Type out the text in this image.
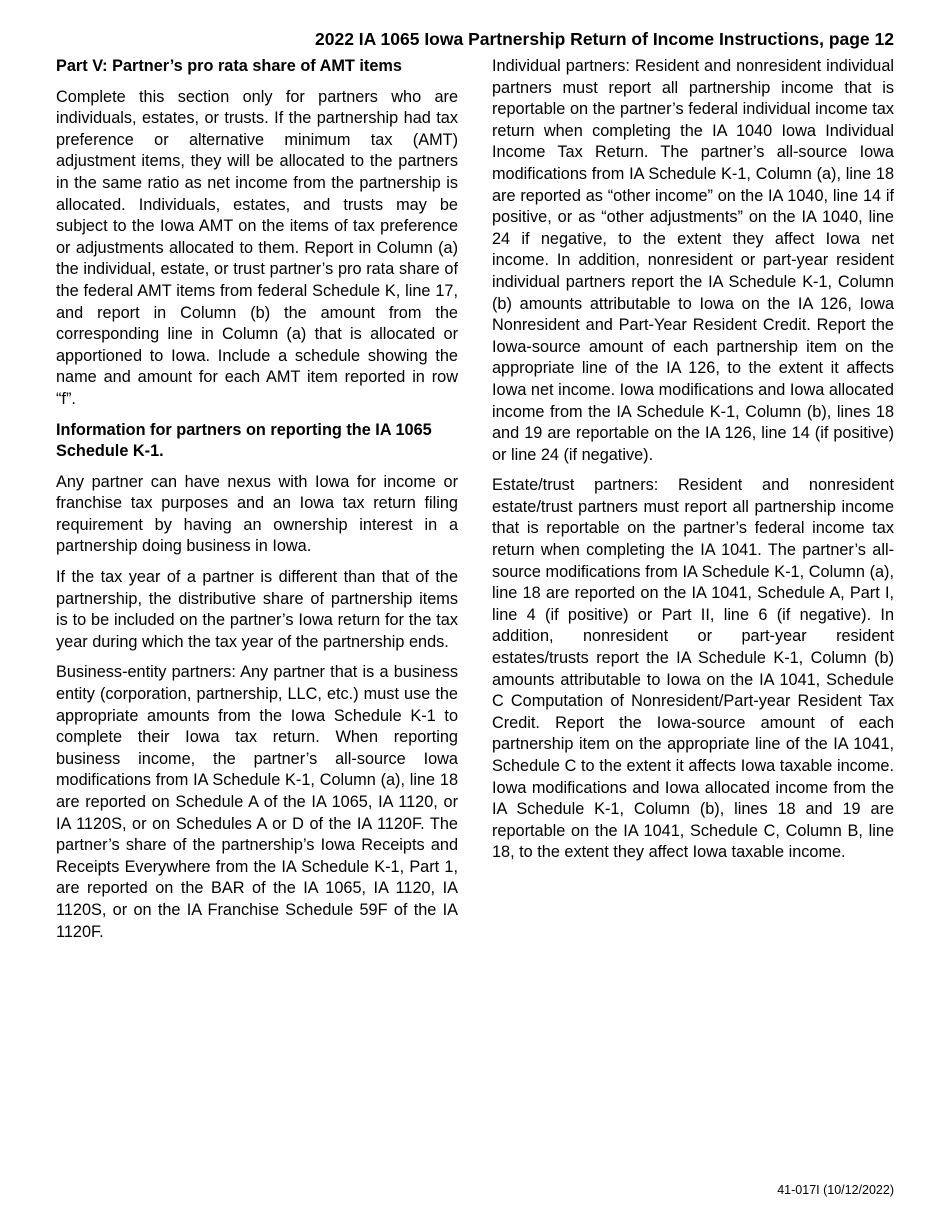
2022 IA 1065 Iowa Partnership Return of Income Instructions, page 12

Part V: Partner’s pro rata share of AMT items

Complete this section only for partners who are individuals, estates, or trusts. If the partnership had tax preference or alternative minimum tax (AMT) adjustment items, they will be allocated to the partners in the same ratio as net income from the partnership is allocated. Individuals, estates, and trusts may be subject to the Iowa AMT on the items of tax preference or adjustments allocated to them. Report in Column (a) the individual, estate, or trust partner’s pro rata share of the federal AMT items from federal Schedule K, line 17, and report in Column (b) the amount from the corresponding line in Column (a) that is allocated or apportioned to Iowa. Include a schedule showing the name and amount for each AMT item reported in row “f”.

Information for partners on reporting the IA 1065 Schedule K-1.

Any partner can have nexus with Iowa for income or franchise tax purposes and an Iowa tax return filing requirement by having an ownership interest in a partnership doing business in Iowa.

If the tax year of a partner is different than that of the partnership, the distributive share of partnership items is to be included on the partner’s Iowa return for the tax year during which the tax year of the partnership ends.

Business-entity partners: Any partner that is a business entity (corporation, partnership, LLC, etc.) must use the appropriate amounts from the Iowa Schedule K-1 to complete their Iowa tax return. When reporting business income, the partner’s all-source Iowa modifications from IA Schedule K-1, Column (a), line 18 are reported on Schedule A of the IA 1065, IA 1120, or IA 1120S, or on Schedules A or D of the IA 1120F. The partner’s share of the partnership’s Iowa Receipts and Receipts Everywhere from the IA Schedule K-1, Part 1, are reported on the BAR of the IA 1065, IA 1120, IA 1120S, or on the IA Franchise Schedule 59F of the IA 1120F.

Individual partners: Resident and nonresident individual partners must report all partnership income that is reportable on the partner’s federal individual income tax return when completing the IA 1040 Iowa Individual Income Tax Return. The partner’s all-source Iowa modifications from IA Schedule K-1, Column (a), line 18 are reported as “other income” on the IA 1040, line 14 if positive, or as “other adjustments” on the IA 1040, line 24 if negative, to the extent they affect Iowa net income. In addition, nonresident or part-year resident individual partners report the IA Schedule K-1, Column (b) amounts attributable to Iowa on the IA 126, Iowa Nonresident and Part-Year Resident Credit. Report the Iowa-source amount of each partnership item on the appropriate line of the IA 126, to the extent it affects Iowa net income. Iowa modifications and Iowa allocated income from the IA Schedule K-1, Column (b), lines 18 and 19 are reportable on the IA 126, line 14 (if positive) or line 24 (if negative).

Estate/trust partners: Resident and nonresident estate/trust partners must report all partnership income that is reportable on the partner’s federal income tax return when completing the IA 1041. The partner’s all-source modifications from IA Schedule K-1, Column (a), line 18 are reported on the IA 1041, Schedule A, Part I, line 4 (if positive) or Part II, line 6 (if negative). In addition, nonresident or part-year resident estates/trusts report the IA Schedule K-1, Column (b) amounts attributable to Iowa on the IA 1041, Schedule C Computation of Nonresident/Part-year Resident Tax Credit. Report the Iowa-source amount of each partnership item on the appropriate line of the IA 1041, Schedule C to the extent it affects Iowa taxable income. Iowa modifications and Iowa allocated income from the IA Schedule K-1, Column (b), lines 18 and 19 are reportable on the IA 1041, Schedule C, Column B, line 18, to the extent they affect Iowa taxable income.

41-017I (10/12/2022)
